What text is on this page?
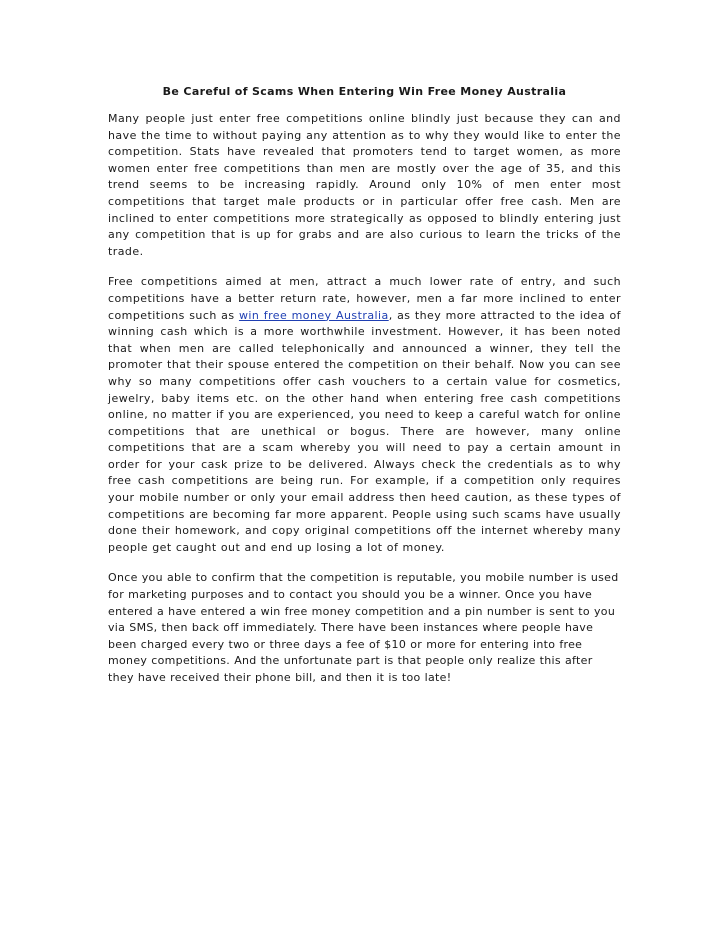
Be Careful of Scams When Entering Win Free Money Australia

Many people just enter free competitions online blindly just because they can and have the time to without paying any attention as to why they would like to enter the competition. Stats have revealed that promoters tend to target women, as more women enter free competitions than men are mostly over the age of 35, and this trend seems to be increasing rapidly. Around only 10% of men enter most competitions that target male products or in particular offer free cash. Men are inclined to enter competitions more strategically as opposed to blindly entering just any competition that is up for grabs and are also curious to learn the tricks of the trade.

Free competitions aimed at men, attract a much lower rate of entry, and such competitions have a better return rate, however, men a far more inclined to enter competitions such as win free money Australia, as they more attracted to the idea of winning cash which is a more worthwhile investment. However, it has been noted that when men are called telephonically and announced a winner, they tell the promoter that their spouse entered the competition on their behalf. Now you can see why so many competitions offer cash vouchers to a certain value for cosmetics, jewelry, baby items etc. on the other hand when entering free cash competitions online, no matter if you are experienced, you need to keep a careful watch for online competitions that are unethical or bogus. There are however, many online competitions that are a scam whereby you will need to pay a certain amount in order for your cask prize to be delivered. Always check the credentials as to why free cash competitions are being run. For example, if a competition only requires your mobile number or only your email address then heed caution, as these types of competitions are becoming far more apparent. People using such scams have usually done their homework, and copy original competitions off the internet whereby many people get caught out and end up losing a lot of money.

Once you able to confirm that the competition is reputable, you mobile number is used for marketing purposes and to contact you should you be a winner. Once you have entered a have entered a win free money competition and a pin number is sent to you via SMS, then back off immediately. There have been instances where people have been charged every two or three days a fee of $10 or more for entering into free money competitions. And the unfortunate part is that people only realize this after they have received their phone bill, and then it is too late!
